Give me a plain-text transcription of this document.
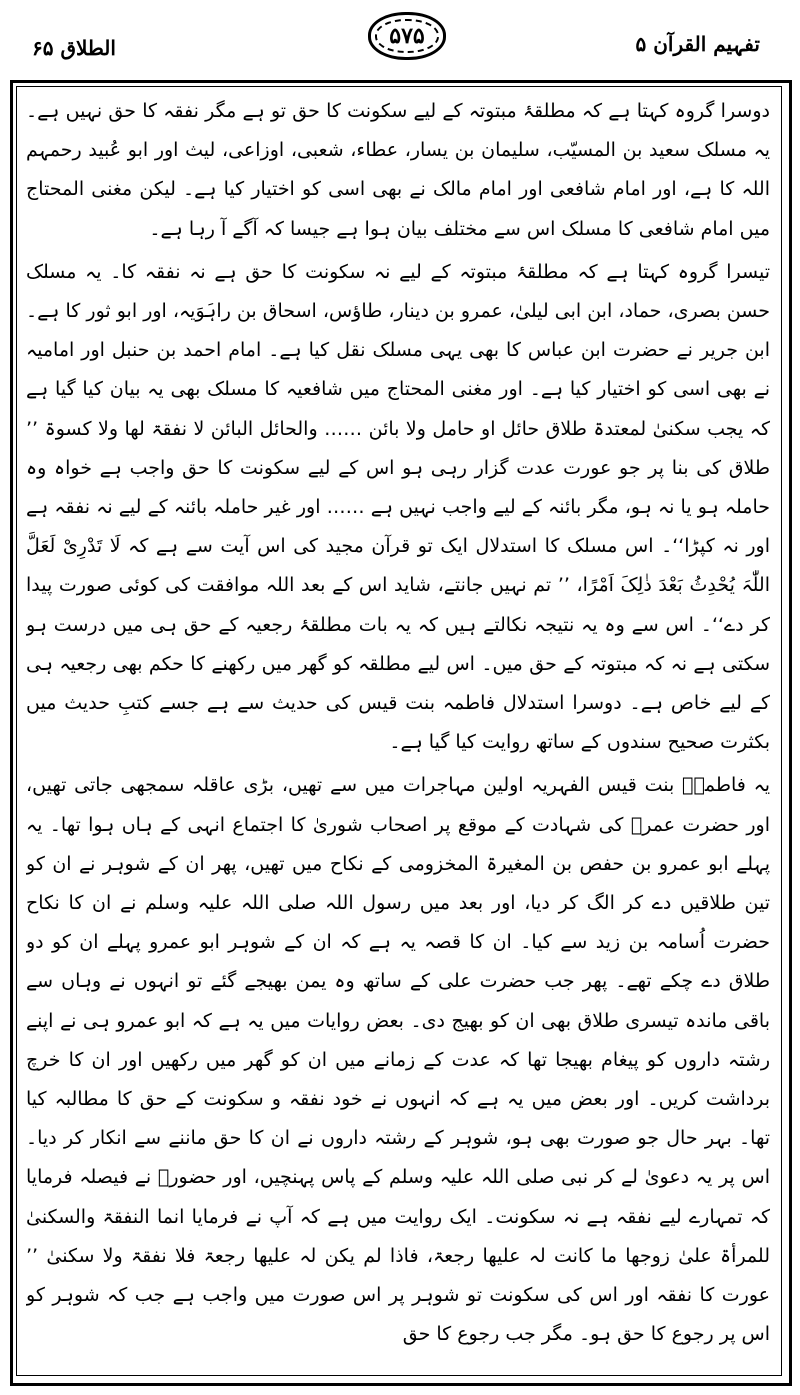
تفہیم القرآن ۵
۵۷۵
الطلاق ۶۵

دوسرا گروہ کہتا ہے کہ مطلقۂ مبتوتہ کے لیے سکونت کا حق تو ہے مگر نفقہ کا حق نہیں ہے۔ یہ مسلک سعید بن المسیّب، سلیمان بن یسار، عطاء، شعبی، اوزاعی، لیث اور ابو عُبید رحمہم اللہ کا ہے، اور امام شافعی اور امام مالک نے بھی اسی کو اختیار کیا ہے۔ لیکن مغنی المحتاج میں امام شافعی کا مسلک اس سے مختلف بیان ہوا ہے جیسا کہ آگے آ رہا ہے۔

تیسرا گروہ کہتا ہے کہ مطلقۂ مبتوتہ کے لیے نہ سکونت کا حق ہے نہ نفقہ کا۔ یہ مسلک حسن بصری، حماد، ابن ابی لیلیٰ، عمرو بن دینار، طاؤس، اسحاق بن راہَوَیہ، اور ابو ثور کا ہے۔ ابن جریر نے حضرت ابن عباس کا بھی یہی مسلک نقل کیا ہے۔ امام احمد بن حنبل اور امامیہ نے بھی اسی کو اختیار کیا ہے۔ اور مغنی المحتاج میں شافعیہ کا مسلک بھی یہ بیان کیا گیا ہے کہ یجب سکنیٰ لمعتدۃ طلاق حائل او حامل ولا بائن …… والحائل البائن لا نفقۃ لھا ولا کسوۃ ’’ طلاق کی بنا پر جو عورت عدت گزار رہی ہو اس کے لیے سکونت کا حق واجب ہے خواہ وہ حاملہ ہو یا نہ ہو، مگر بائنہ کے لیے واجب نہیں ہے …… اور غیر حاملہ بائنہ کے لیے نہ نفقہ ہے اور نہ کپڑا‘‘۔ اس مسلک کا استدلال ایک تو قرآن مجید کی اس آیت سے ہے کہ لَا تَدْرِیْ لَعَلَّ اللّٰہَ یُحْدِثُ بَعْدَ ذٰلِکَ اَمْرًا، ’’ تم نہیں جانتے، شاید اس کے بعد اللہ موافقت کی کوئی صورت پیدا کر دے‘‘۔ اس سے وہ یہ نتیجہ نکالتے ہیں کہ یہ بات مطلقۂ رجعیہ کے حق ہی میں درست ہو سکتی ہے نہ کہ مبتوتہ کے حق میں۔ اس لیے مطلقہ کو گھر میں رکھنے کا حکم بھی رجعیہ ہی کے لیے خاص ہے۔ دوسرا استدلال فاطمہ بنت قیس کی حدیث سے ہے جسے کتبِ حدیث میں بکثرت صحیح سندوں کے ساتھ روایت کیا گیا ہے۔

یہ فاطمہؓ بنت قیس الفہریہ اولین مہاجرات میں سے تھیں، بڑی عاقلہ سمجھی جاتی تھیں، اور حضرت عمرؓ کی شہادت کے موقع پر اصحاب شوریٰ کا اجتماع انہی کے ہاں ہوا تھا۔ یہ پہلے ابو عمرو بن حفص بن المغیرۃ المخزومی کے نکاح میں تھیں، پھر ان کے شوہر نے ان کو تین طلاقیں دے کر الگ کر دیا، اور بعد میں رسول اللہ صلی اللہ علیہ وسلم نے ان کا نکاح حضرت اُسامہ بن زید سے کیا۔ ان کا قصہ یہ ہے کہ ان کے شوہر ابو عمرو پہلے ان کو دو طلاق دے چکے تھے۔ پھر جب حضرت علی کے ساتھ وہ یمن بھیجے گئے تو انہوں نے وہاں سے باقی ماندہ تیسری طلاق بھی ان کو بھیج دی۔ بعض روایات میں یہ ہے کہ ابو عمرو ہی نے اپنے رشتہ داروں کو پیغام بھیجا تھا کہ عدت کے زمانے میں ان کو گھر میں رکھیں اور ان کا خرچ برداشت کریں۔ اور بعض میں یہ ہے کہ انہوں نے خود نفقہ و سکونت کے حق کا مطالبہ کیا تھا۔ بہر حال جو صورت بھی ہو، شوہر کے رشتہ داروں نے ان کا حق ماننے سے انکار کر دیا۔ اس پر یہ دعویٰ لے کر نبی صلی اللہ علیہ وسلم کے پاس پہنچیں، اور حضورؐ نے فیصلہ فرمایا کہ تمہارے لیے نفقہ ہے نہ سکونت۔ ایک روایت میں ہے کہ آپ نے فرمایا انما النفقۃ والسکنیٰ للمرأۃ علیٰ زوجھا ما کانت لہ علیھا رجعۃ، فاذا لم یکن لہ علیھا رجعۃ فلا نفقۃ ولا سکنیٰ ’’ عورت کا نفقہ اور اس کی سکونت تو شوہر پر اس صورت میں واجب ہے جب کہ شوہر کو اس پر رجوع کا حق ہو۔ مگر جب رجوع کا حق
